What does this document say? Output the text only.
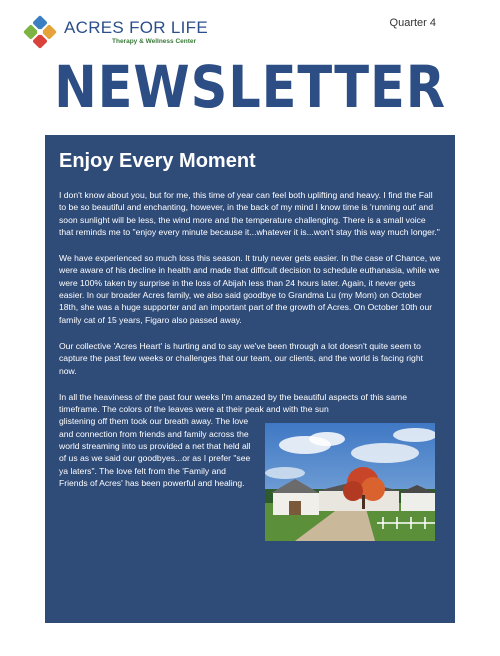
ACRES FOR LIFE
Therapy & Wellness Center
Quarter 4
NEWSLETTER
Enjoy Every Moment

I don't know about you, but for me, this time of year can feel both uplifting and heavy. I find the Fall to be so beautiful and enchanting, however, in the back of my mind I know time is 'running out' and soon sunlight will be less, the wind more and the temperature challenging. There is a small voice that reminds me to "enjoy every minute because it...whatever it is...won't stay this way much longer."

We have experienced so much loss this season. It truly never gets easier. In the case of Chance, we were aware of his decline in health and made that difficult decision to schedule euthanasia, while we were 100% taken by surprise in the loss of Abijah less than 24 hours later. Again, it never gets easier. In our broader Acres family, we also said goodbye to Grandma Lu (my Mom) on October 18th, she was a huge supporter and an important part of the growth of Acres. On October 10th our family cat of 15 years, Figaro also passed away.

Our collective 'Acres Heart' is hurting and to say we've been through a lot doesn't quite seem to capture the past few weeks or challenges that our team, our clients, and the world is facing right now.

In all the heaviness of the past four weeks I'm amazed by the beautiful aspects of this same timeframe. The colors of the leaves were at their peak and with the sun
glistening off them took our breath away. The love and connection from friends and family across the world streaming into us provided a net that held all of us as we said our goodbyes...or as I prefer "see ya laters". The love felt from the 'Family and Friends of Acres' has been powerful and healing.
